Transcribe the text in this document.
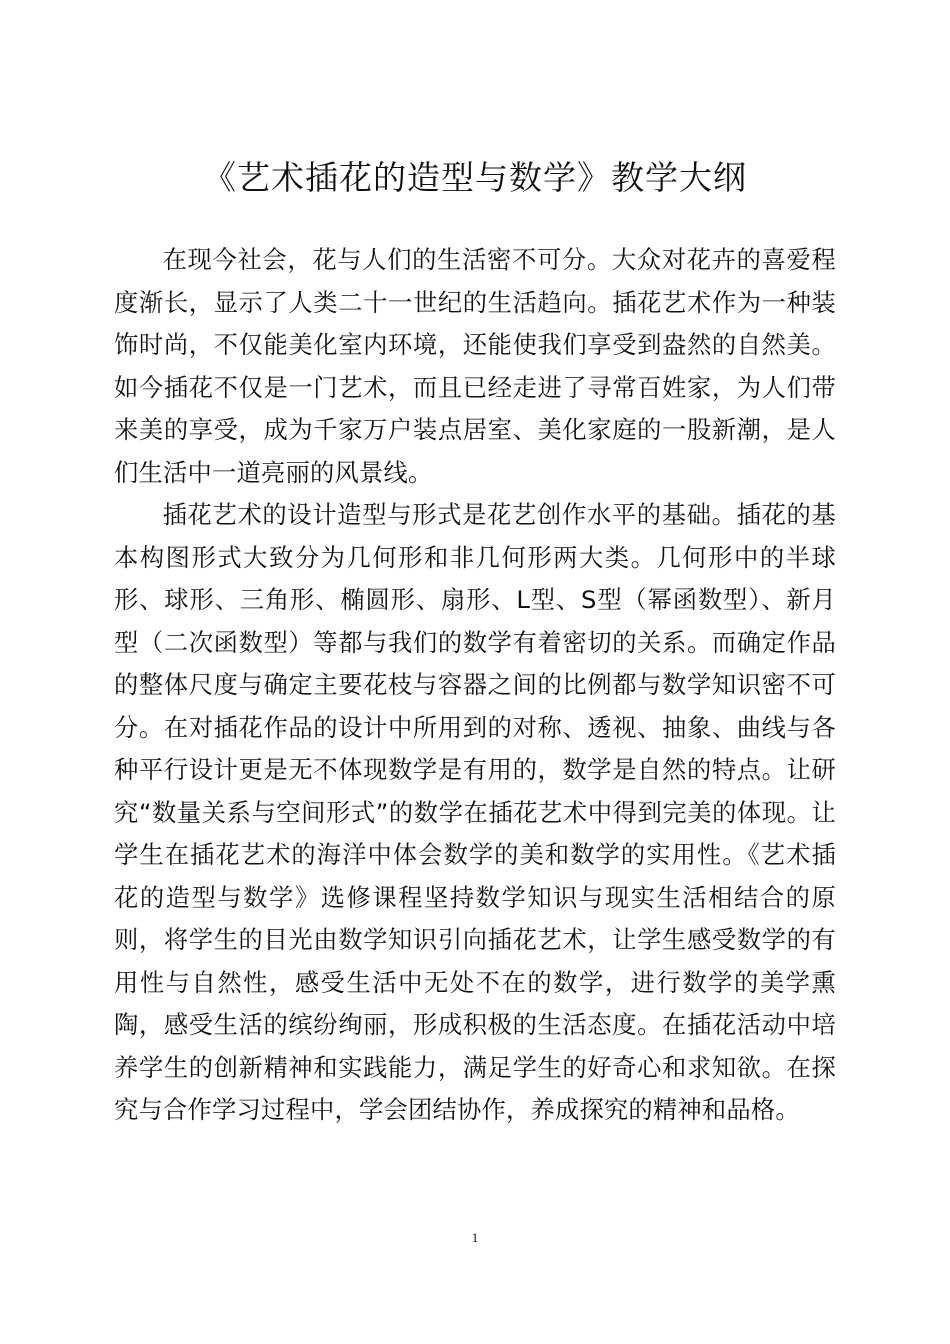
《艺术插花的造型与数学》教学大纲

在现今社会，花与人们的生活密不可分。大众对花卉的喜爱程度渐长，显示了人类二十一世纪的生活趋向。插花艺术作为一种装饰时尚，不仅能美化室内环境，还能使我们享受到盎然的自然美。如今插花不仅是一门艺术，而且已经走进了寻常百姓家，为人们带来美的享受，成为千家万户装点居室、美化家庭的一股新潮，是人们生活中一道亮丽的风景线。

插花艺术的设计造型与形式是花艺创作水平的基础。插花的基本构图形式大致分为几何形和非几何形两大类。几何形中的半球形、球形、三角形、椭圆形、扇形、L型、S型（幂函数型）、新月型（二次函数型）等都与我们的数学有着密切的关系。而确定作品的整体尺度与确定主要花枝与容器之间的比例都与数学知识密不可分。在对插花作品的设计中所用到的对称、透视、抽象、曲线与各种平行设计更是无不体现数学是有用的，数学是自然的特点。让研究“数量关系与空间形式”的数学在插花艺术中得到完美的体现。让学生在插花艺术的海洋中体会数学的美和数学的实用性。《艺术插花的造型与数学》选修课程坚持数学知识与现实生活相结合的原则，将学生的目光由数学知识引向插花艺术，让学生感受数学的有用性与自然性，感受生活中无处不在的数学，进行数学的美学熏陶，感受生活的缤纷绚丽，形成积极的生活态度。在插花活动中培养学生的创新精神和实践能力，满足学生的好奇心和求知欲。在探究与合作学习过程中，学会团结协作，养成探究的精神和品格。

1
